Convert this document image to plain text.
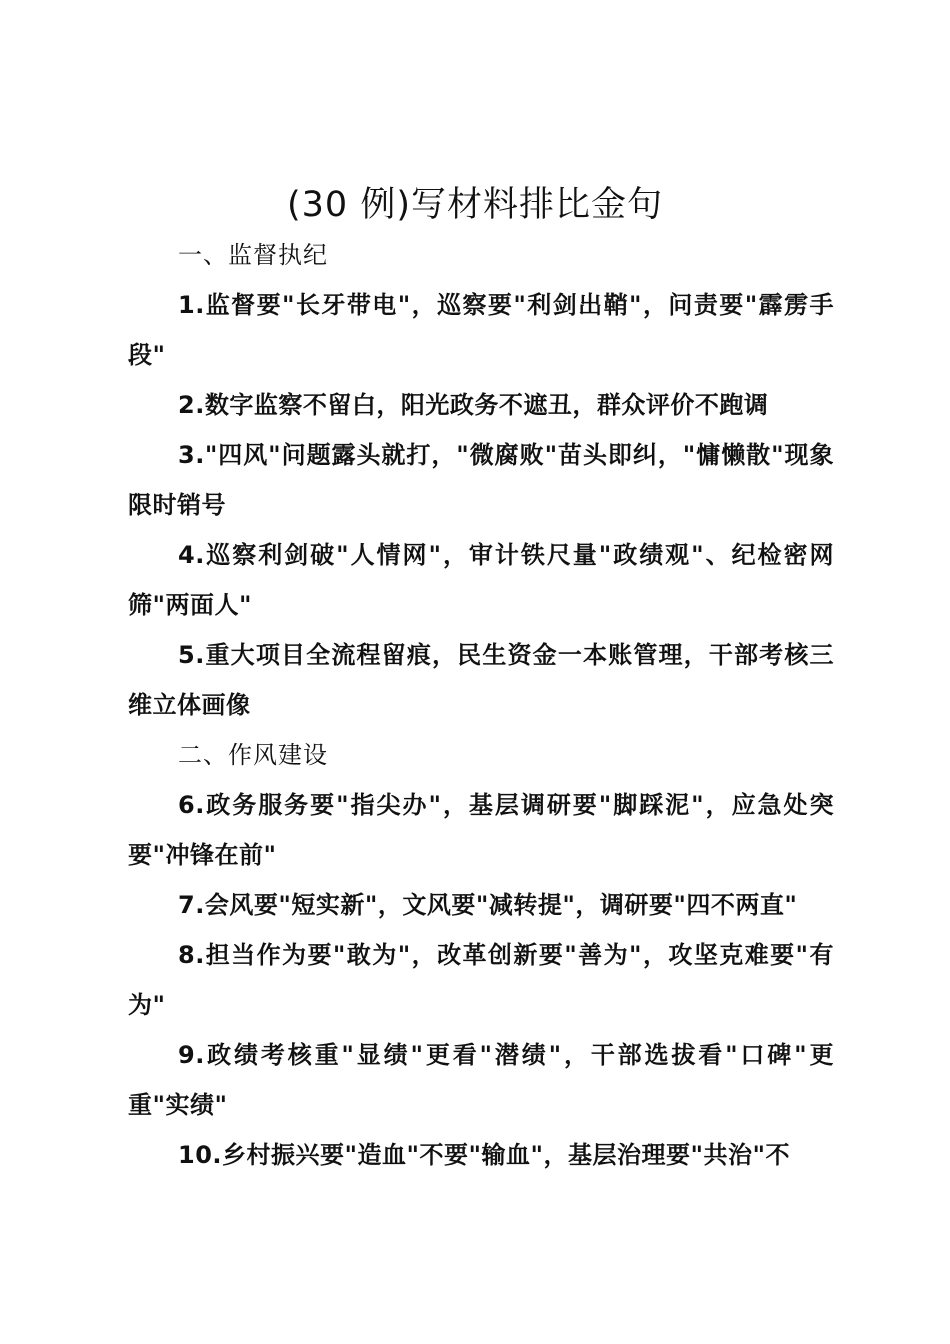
(30 例)写材料排比金句

一、监督执纪

1.监督要"长牙带电"，巡察要"利剑出鞘"，问责要"霹雳手段"

2.数字监察不留白，阳光政务不遮丑，群众评价不跑调

3."四风"问题露头就打，"微腐败"苗头即纠，"慵懒散"现象限时销号

4.巡察利剑破"人情网"，审计铁尺量"政绩观"、纪检密网筛"两面人"

5.重大项目全流程留痕，民生资金一本账管理，干部考核三维立体画像

二、作风建设

6.政务服务要"指尖办"，基层调研要"脚踩泥"，应急处突要"冲锋在前"

7.会风要"短实新"，文风要"减转提"，调研要"四不两直"

8.担当作为要"敢为"，改革创新要"善为"，攻坚克难要"有为"

9.政绩考核重"显绩"更看"潜绩"，干部选拔看"口碑"更重"实绩"

10.乡村振兴要"造血"不要"输血"，基层治理要"共治"不
